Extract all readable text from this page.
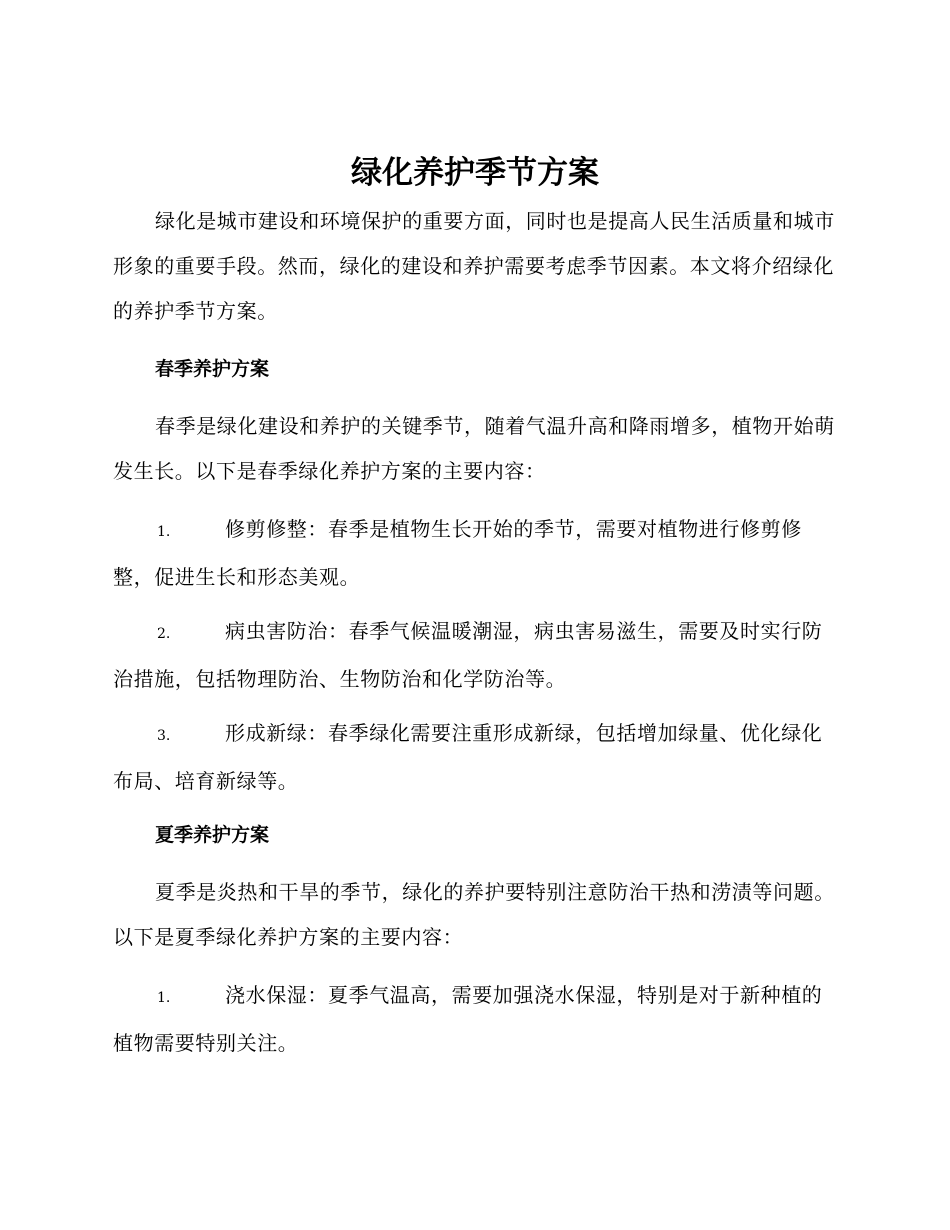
绿化养护季节方案

绿化是城市建设和环境保护的重要方面，同时也是提高人民生活质量和城市形象的重要手段。然而，绿化的建设和养护需要考虑季节因素。本文将介绍绿化的养护季节方案。

春季养护方案

春季是绿化建设和养护的关键季节，随着气温升高和降雨增多，植物开始萌发生长。以下是春季绿化养护方案的主要内容：

1.	修剪修整：春季是植物生长开始的季节，需要对植物进行修剪修整，促进生长和形态美观。

2.	病虫害防治：春季气候温暖潮湿，病虫害易滋生，需要及时实行防治措施，包括物理防治、生物防治和化学防治等。

3.	形成新绿：春季绿化需要注重形成新绿，包括增加绿量、优化绿化布局、培育新绿等。

夏季养护方案

夏季是炎热和干旱的季节，绿化的养护要特别注意防治干热和涝渍等问题。以下是夏季绿化养护方案的主要内容：

1.	浇水保湿：夏季气温高，需要加强浇水保湿，特别是对于新种植的植物需要特别关注。
